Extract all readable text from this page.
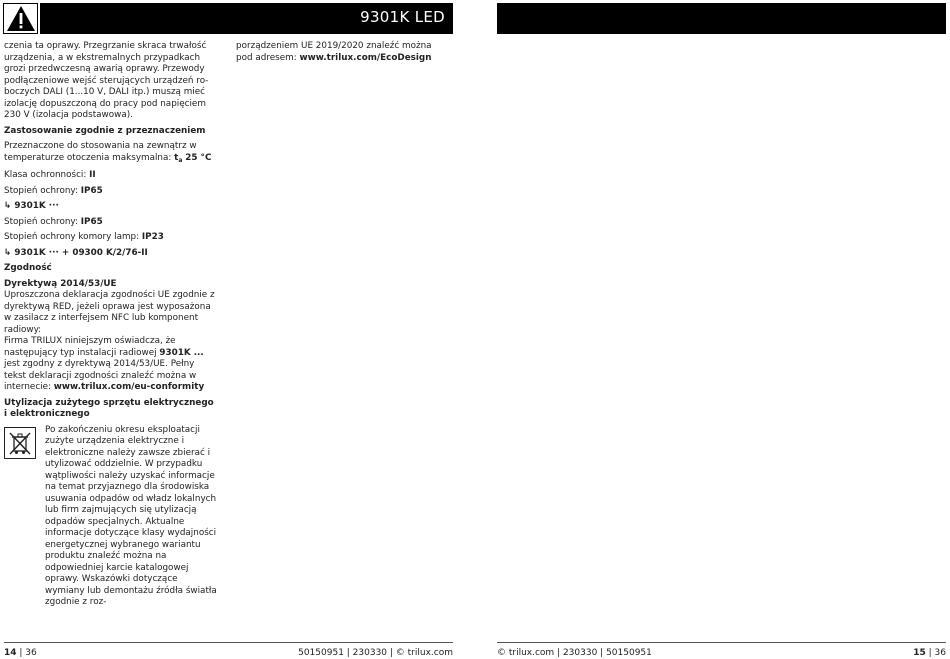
9301K LED

czenia ta oprawy. Przegrzanie skraca trwałość urządzenia, a w ekstremalnych przypadkach grozi przedwczesną awarią oprawy. Przewody podłączeniowe wejść sterujących urządzeń roboczych DALI (1...10 V, DALI itp.) muszą mieć izolację dopuszczoną do pracy pod napięciem 230 V (izolacja podstawowa).

Zastosowanie zgodnie z przeznaczeniem

Przeznaczone do stosowania na zewnątrz w
temperaturze otoczenia maksymalna: $t_a$ 25 °C

Klasa ochronności: II

Stopień ochrony: IP65

↳ 9301K ···

Stopień ochrony: IP65

Stopień ochrony komory lamp: IP23

↳ 9301K ··· + 09300 K/2/76-II

Zgodność

Dyrektywą 2014/53/UE

Uproszczona deklaracja zgodności UE zgodnie z dyrektywą RED, jeżeli oprawa jest wyposażona w zasilacz z interfejsem NFC lub komponent radiowy:

Firma TRILUX niniejszym oświadcza, że następujący typ instalacji radiowej 9301K ... jest zgodny z dyrektywą 2014/53/UE. Pełny tekst deklaracji zgodności znaleźć można w internecie: www.trilux.com/eu-conformity

Utylizacja zużytego sprzętu elektrycznego i elektronicznego

Po zakończeniu okresu eksploatacji zużyte urządzenia elektryczne i elektroniczne należy zawsze zbierać i utylizować oddzielnie. W przypadku wątpliwości należy uzyskać informacje na temat przyjaznego dla środowiska usuwania odpadów od władz lokalnych lub firm zajmujących się utylizacją odpadów specjalnych. Aktualne informacje dotyczące klasy wydajności energetycznej wybranego wariantu produktu znaleźć można na odpowiedniej karcie katalogowej oprawy. Wskazówki dotyczące wymiany lub demontażu źródła światła zgodnie z roz-

porządzeniem UE 2019/2020 znaleźć można pod adresem: www.trilux.com/EcoDesign

14 | 36	50150951 | 230330 | © trilux.com	© trilux.com | 230330 | 50150951	15 | 36
